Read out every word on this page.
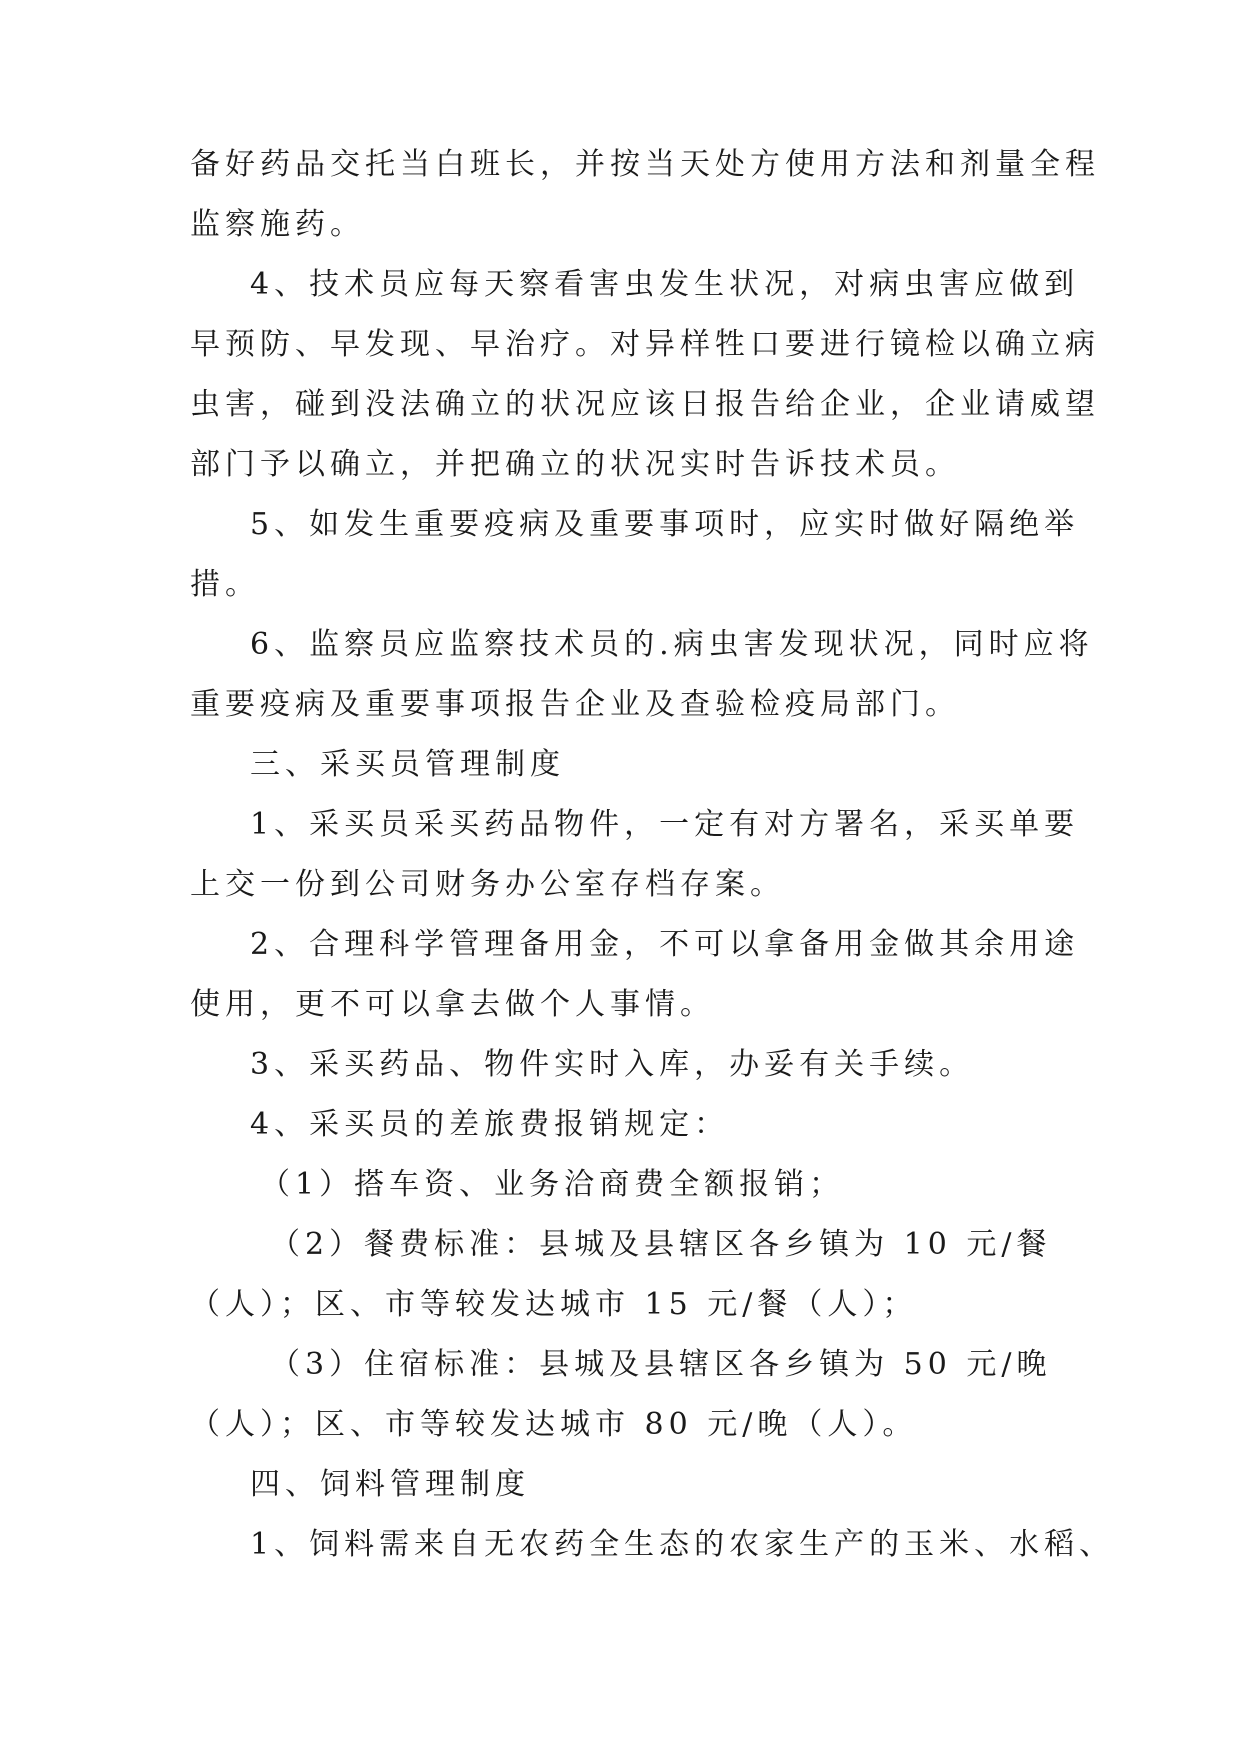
备好药品交托当白班长，并按当天处方使用方法和剂量全程
监察施药。
4、技术员应每天察看害虫发生状况，对病虫害应做到
早预防、早发现、早治疗。对异样牲口要进行镜检以确立病
虫害，碰到没法确立的状况应该日报告给企业，企业请威望
部门予以确立，并把确立的状况实时告诉技术员。
5、如发生重要疫病及重要事项时，应实时做好隔绝举
措。
6、监察员应监察技术员的.病虫害发现状况，同时应将
重要疫病及重要事项报告企业及查验检疫局部门。
三、采买员管理制度
1、采买员采买药品物件，一定有对方署名，采买单要
上交一份到公司财务办公室存档存案。
2、合理科学管理备用金，不可以拿备用金做其余用途
使用，更不可以拿去做个人事情。
3、采买药品、物件实时入库，办妥有关手续。
4、采买员的差旅费报销规定：
（1）搭车资、业务洽商费全额报销；
（2）餐费标准：县城及县辖区各乡镇为 10 元/餐
（人）；区、市等较发达城市 15 元/餐（人）；
（3）住宿标准：县城及县辖区各乡镇为 50 元/晚
（人）；区、市等较发达城市 80 元/晚（人）。
四、饲料管理制度
1、饲料需来自无农药全生态的农家生产的玉米、水稻、
